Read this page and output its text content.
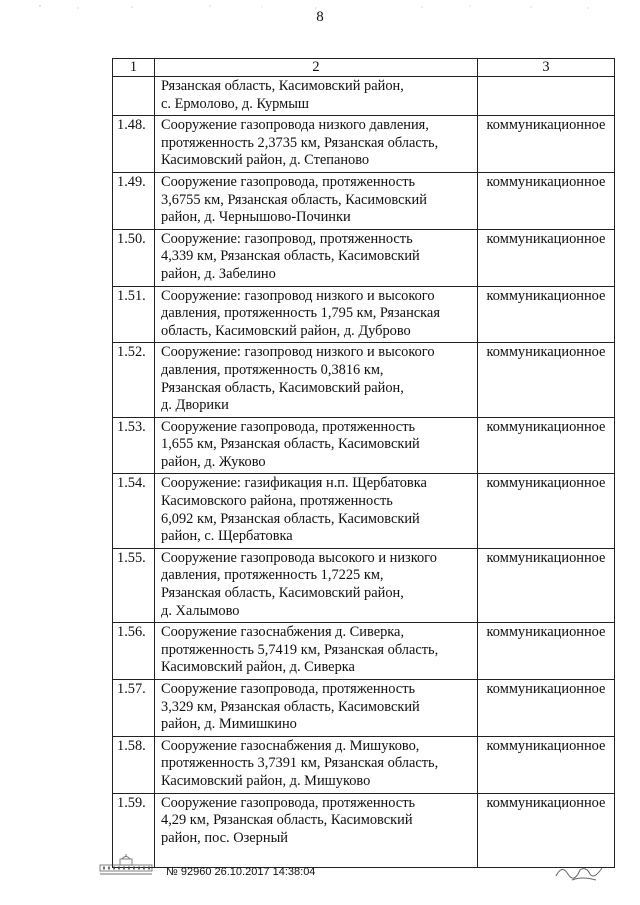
8
1	2	3

	Рязанская область, Касимовский район,
с. Ермолово, д. Курмыш	

1.48.	Сооружение газопровода низкого давления,
протяженность 2,3735 км, Рязанская область,
Касимовский район, д. Степаново	коммуникационное
1.49.	Сооружение газопровода, протяженность
3,6755 км, Рязанская область, Касимовский
район, д. Чернышово-Починки	коммуникационное
1.50.	Сооружение: газопровод, протяженность
4,339 км, Рязанская область, Касимовский
район, д. Забелино	коммуникационное
1.51.	Сооружение: газопровод низкого и высокого
давления, протяженность 1,795 км, Рязанская
область, Касимовский район, д. Дуброво	коммуникационное
1.52.	Сооружение: газопровод низкого и высокого
давления, протяженность 0,3816 км,
Рязанская область, Касимовский район,
д. Дворики	коммуникационное
1.53.	Сооружение газопровода, протяженность
1,655 км, Рязанская область, Касимовский
район, д. Жуково	коммуникационное
1.54.	Сооружение: газификация н.п. Щербатовка
Касимовского района, протяженность
6,092 км, Рязанская область, Касимовский
район, с. Щербатовка	коммуникационное
1.55.	Сооружение газопровода высокого и низкого
давления, протяженность 1,7225 км,
Рязанская область, Касимовский район,
д. Халымово	коммуникационное
1.56.	Сооружение газоснабжения д. Сиверка,
протяженность 5,7419 км, Рязанская область,
Касимовский район, д. Сиверка	коммуникационное
1.57.	Сооружение газопровода, протяженность
3,329 км, Рязанская область, Касимовский
район, д. Мимишкино	коммуникационное
1.58.	Сооружение газоснабжения д. Мишуково,
протяженность 3,7391 км, Рязанская область,
Касимовский район, д. Мишуково	коммуникационное
1.59.	Сооружение газопровода, протяженность
4,29 км, Рязанская область, Касимовский
район, пос. Озерный	коммуникационное
№ 92960 26.10.2017 14:38:04
